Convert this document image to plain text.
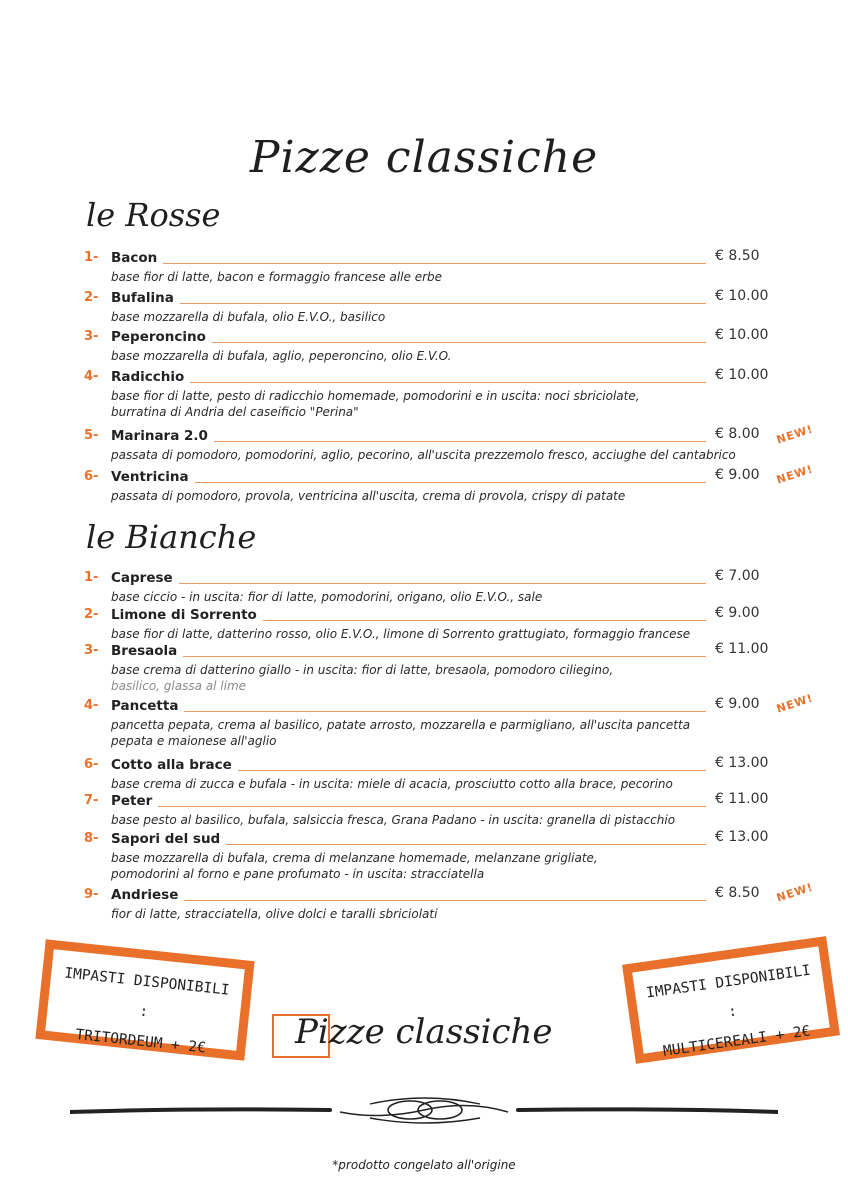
Pizze classiche
le Rosse
1- Bacon	€ 8.50
base fior di latte, bacon e formaggio francese alle erbe
2- Bufalina	€ 10.00
base mozzarella di bufala, olio E.V.O., basilico
3- Peperoncino	€ 10.00
base mozzarella di bufala, aglio, peperoncino, olio E.V.O.
4- Radicchio	€ 10.00
base fior di latte, pesto di radicchio homemade, pomodorini e in uscita: noci sbriciolate,
burratina di Andria del caseificio "Perina"
5- Marinara 2.0	€ 8.00
passata di pomodoro, pomodorini, aglio, pecorino, all'uscita prezzemolo fresco, acciughe del cantabrico
NEW!
6- Ventricina	€ 9.00
passata di pomodoro, provola, ventricina all'uscita, crema di provola, crispy di patate
NEW!
le Bianche
1- Caprese	€ 7.00
base ciccio - in uscita: fior di latte, pomodorini, origano, olio E.V.O., sale
2- Limone di Sorrento	€ 9.00
base fior di latte, datterino rosso, olio E.V.O., limone di Sorrento grattugiato, formaggio francese
3- Bresaola	€ 11.00
base crema di datterino giallo - in uscita: fior di latte, bresaola, pomodoro ciliegino,
basilico, glassa al lime
4- Pancetta	€ 9.00
pancetta pepata, crema al basilico, patate arrosto, mozzarella e parmigliano, all'uscita pancetta
pepata e maionese all'aglio
NEW!
6- Cotto alla brace	€ 13.00
base crema di zucca e bufala - in uscita: miele di acacia, prosciutto cotto alla brace, pecorino
7- Peter	€ 11.00
base pesto al basilico, bufala, salsiccia fresca, Grana Padano - in uscita: granella di pistacchio
8- Sapori del sud	€ 13.00
base mozzarella di bufala, crema di melanzane homemade, melanzane grigliate,
pomodorini al forno e pane profumato - in uscita: stracciatella
9- Andriese	€ 8.50
fior di latte, stracciatella, olive dolci e taralli sbriciolati
NEW!
IMPASTI DISPONIBILI :
TRITORDEUM + 2€
IMPASTI DISPONIBILI :
MULTICEREALI + 2€
Pizze classiche
*prodotto congelato all'origine
